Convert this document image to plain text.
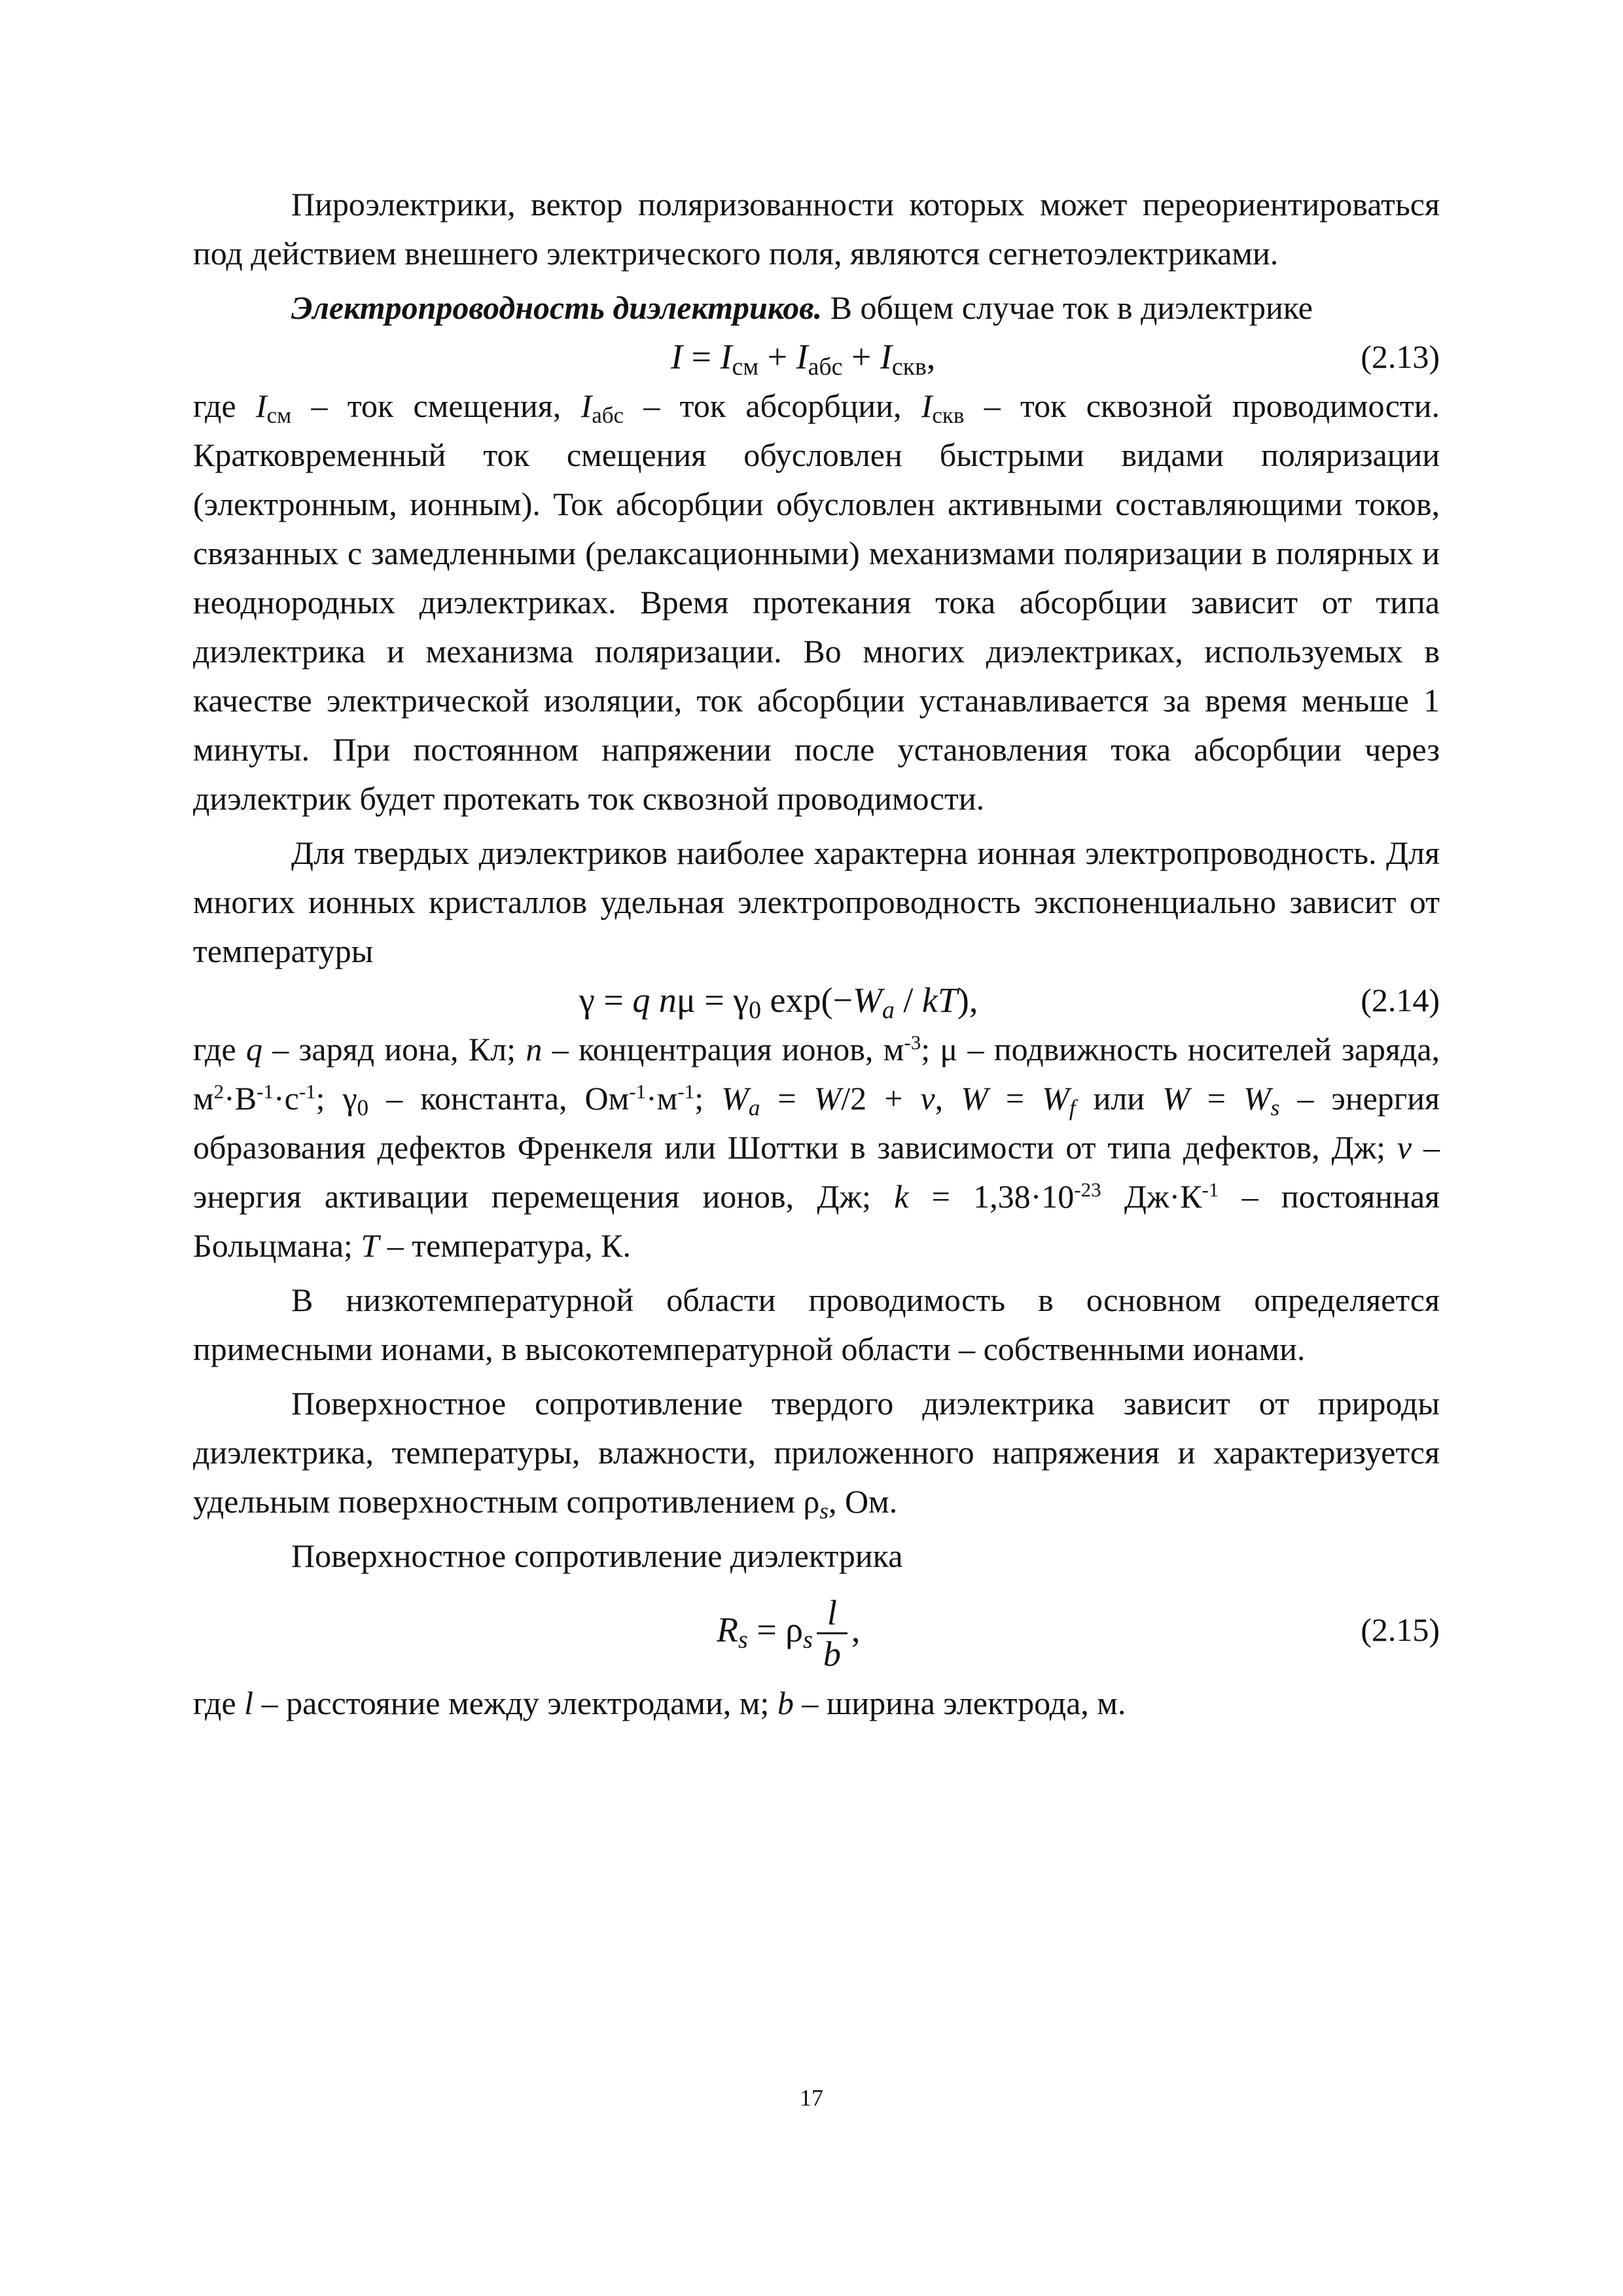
Пироэлектрики, вектор поляризованности которых может переориентироваться под действием внешнего электрического поля, являются сегнетоэлектриками.

Электропроводность диэлектриков. В общем случае ток в диэлектрике

$I = I_{см} + I_{абс} + I_{скв}$,	(2.13)

где $I_{см}$ – ток смещения, $I_{абс}$ – ток абсорбции, $I_{скв}$ – ток сквозной проводимости. Кратковременный ток смещения обусловлен быстрыми видами поляризации (электронным, ионным). Ток абсорбции обусловлен активными составляющими токов, связанных с замедленными (релаксационными) механизмами поляризации в полярных и неоднородных диэлектриках. Время протекания тока абсорбции зависит от типа диэлектрика и механизма поляризации. Во многих диэлектриках, используемых в качестве электрической изоляции, ток абсорбции устанавливается за время меньше 1 минуты. При постоянном напряжении после установления тока абсорбции через диэлектрик будет протекать ток сквозной проводимости.

Для твердых диэлектриков наиболее характерна ионная электропроводность. Для многих ионных кристаллов удельная электропроводность экспоненциально зависит от температуры

γ = q $n\mu = \gamma_0$ $\exp(-W_a / kT)$,	(2.14)

где q – заряд иона, Кл; n – концентрация ионов, $м^{-3}$; μ – подвижность носителей заряда, $м^2\cdot В^{-1}\cdot с^{-1}$; $\gamma_0$ – константа, $Ом^{-1}\cdot м^{-1}$; $W_a = W/2 + v$, $W = W_f$ или $W = W_s$ – энергия образования дефектов Френкеля или Шоттки в зависимости от типа дефектов, Дж; v – энергия активации перемещения ионов, Дж; $k = 1,38\cdot 10^{-23}$ $Дж\cdot К^{-1}$ – постоянная Больцмана; T – температура, К.

В низкотемпературной области проводимость в основном определяется примесными ионами, в высокотемпературной области – собственными ионами.

Поверхностное сопротивление твердого диэлектрика зависит от природы диэлектрика, температуры, влажности, приложенного напряжения и характеризуется удельным поверхностным сопротивлением $\rho_s$, Ом.

Поверхностное сопротивление диэлектрика

$R_s = \rho_s \frac{l}{b}$ ,	(2.15)

где l – расстояние между электродами, м; b – ширина электрода, м.

17
